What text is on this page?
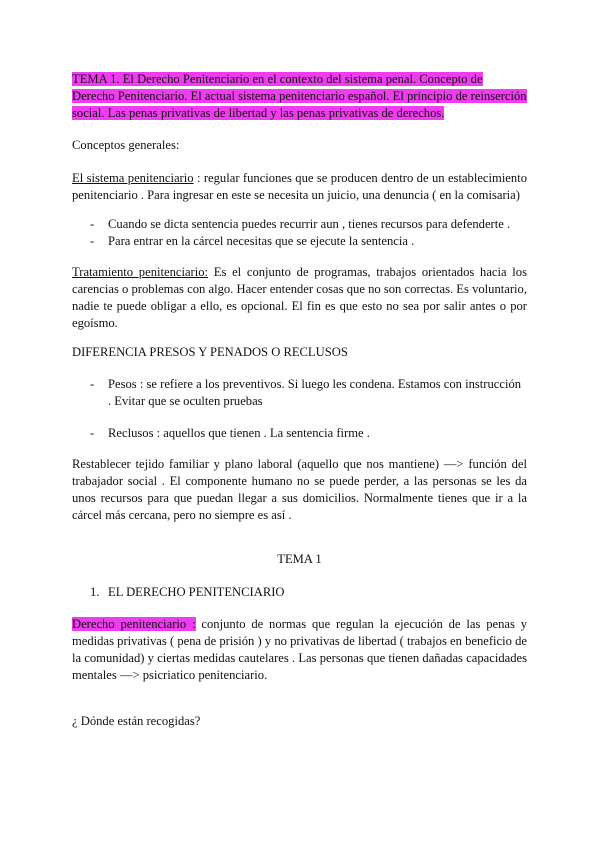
TEMA 1. El Derecho Penitenciario en el contexto del sistema penal. Concepto de Derecho Penitenciario. El actual sistema penitenciario español. El principio de reinserción social. Las penas privativas de libertad y las penas privativas de derechos.

Conceptos generales:

El sistema penitenciario : regular funciones que se producen dentro de un establecimiento penitenciario . Para ingresar en este se necesita un juicio, una denuncia ( en la comisaria)

- Cuando se dicta sentencia puedes recurrir aun , tienes recursos para defenderte .
- Para entrar en la cárcel necesitas que se ejecute la sentencia .

Tratamiento penitenciario: Es el conjunto de programas, trabajos orientados hacia los carencias o problemas con algo. Hacer entender cosas que no son correctas. Es voluntario, nadie te puede obligar a ello, es opcional. El fin es que esto no sea por salir antes o por egoísmo.

DIFERENCIA PRESOS Y PENADOS O RECLUSOS

- Pesos : se refiere a los preventivos. Si luego les condena. Estamos con instrucción . Evitar que se oculten pruebas
- Reclusos : aquellos que tienen . La sentencia firme .

Restablecer tejido familiar y plano laboral (aquello que nos mantiene) —> función del trabajador social . El componente humano no se puede perder, a las personas se les da unos recursos para que puedan llegar a sus domicilios. Normalmente tienes que ir a la cárcel más cercana, pero no siempre es así .

TEMA 1

1. EL DERECHO PENITENCIARIO

Derecho penitenciario : conjunto de normas que regulan la ejecución de las penas y medidas privativas ( pena de prisión ) y no privativas de libertad ( trabajos en beneficio de la comunidad) y ciertas medidas cautelares . Las personas que tienen dañadas capacidades mentales —> psicriatico penitenciario.

¿ Dónde están recogidas?
